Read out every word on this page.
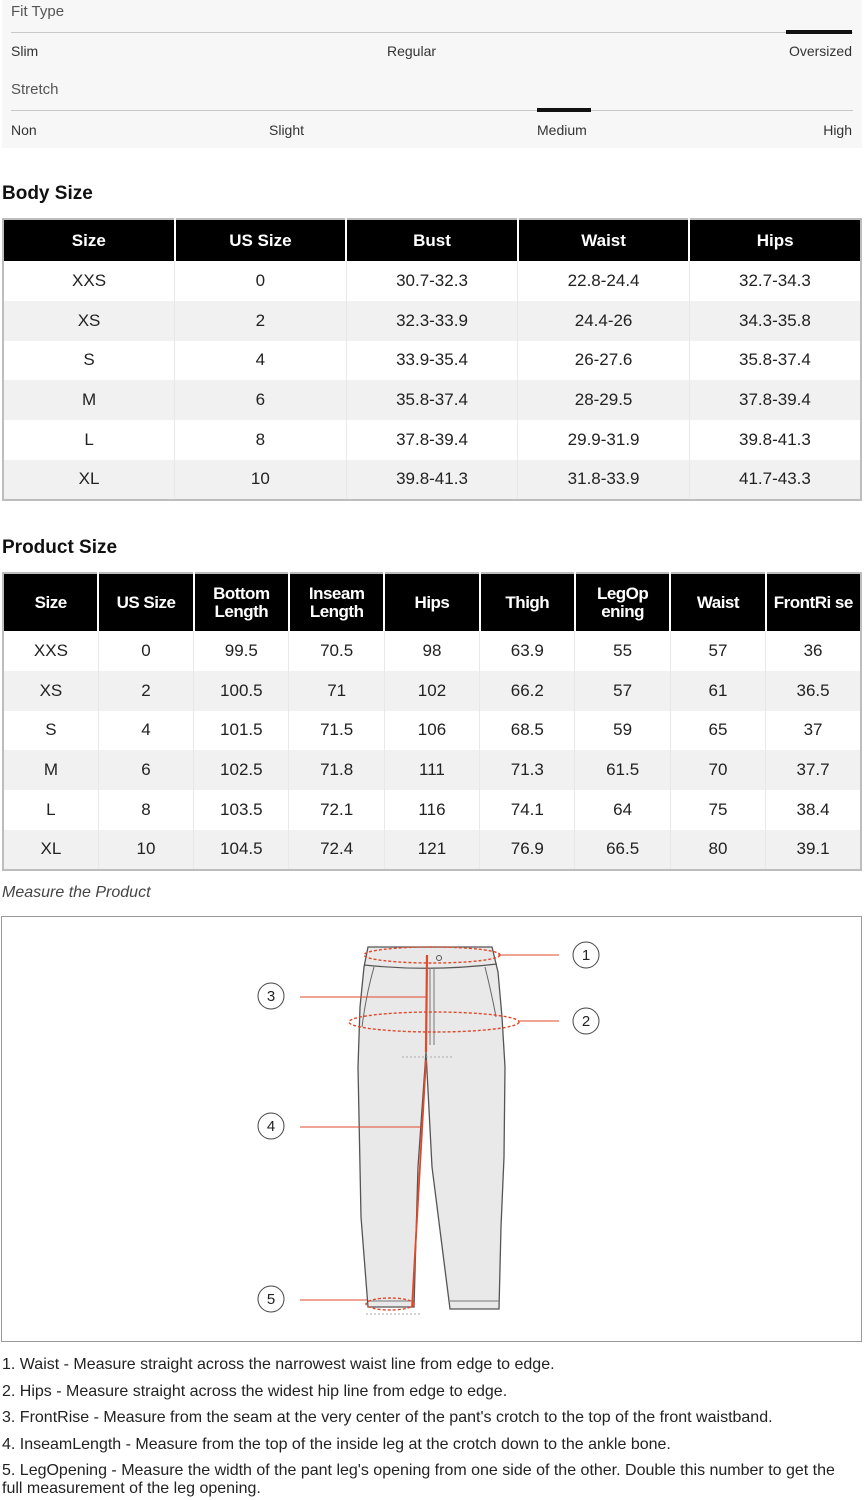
Fit Type
Slim	Regular	Oversized
Stretch
Non	Slight	Medium	High
Body Size
Size	US Size	Bust	Waist	Hips
XXS	0	30.7-32.3	22.8-24.4	32.7-34.3
XS	2	32.3-33.9	24.4-26	34.3-35.8
S	4	33.9-35.4	26-27.6	35.8-37.4
M	6	35.8-37.4	28-29.5	37.8-39.4
L	8	37.8-39.4	29.9-31.9	39.8-41.3
XL	10	39.8-41.3	31.8-33.9	41.7-43.3
Product Size
Size	US Size	Bottom Length	Inseam Length	Hips	Thigh	LegOp ening	Waist	FrontRi se
XXS	0	99.5	70.5	98	63.9	55	57	36
XS	2	100.5	71	102	66.2	57	61	36.5
S	4	101.5	71.5	106	68.5	59	65	37
M	6	102.5	71.8	111	71.3	61.5	70	37.7
L	8	103.5	72.1	116	74.1	64	75	38.4
XL	10	104.5	72.4	121	76.9	66.5	80	39.1
Measure the Product
1
2
3
4
5

1. Waist - Measure straight across the narrowest waist line from edge to edge.

2. Hips - Measure straight across the widest hip line from edge to edge.

3. FrontRise - Measure from the seam at the very center of the pant's crotch to the top of the front waistband.

4. InseamLength - Measure from the top of the inside leg at the crotch down to the ankle bone.

5. LegOpening - Measure the width of the pant leg's opening from one side of the other. Double this number to get the full measurement of the leg opening.
